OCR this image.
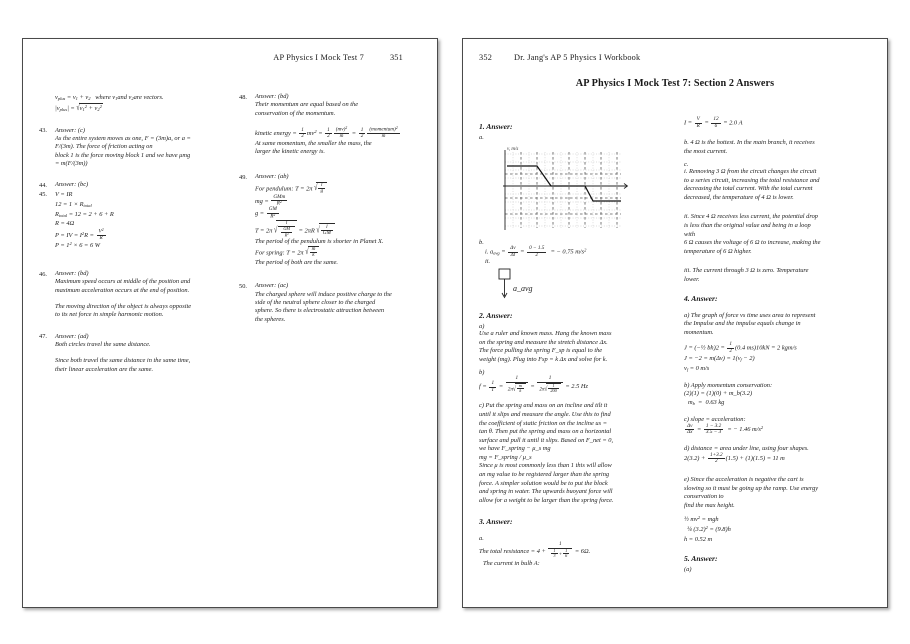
AP Physics I Mock Test 7	351

$v_{plus} = v_1 + v_2$ where $v_1and$ $v_2are$ vectors.
$|v_{plus}| = √v_1^2 + v_2^2$
43.	Answer: (c)
As the entire system moves as one, F = (3m)a, or a =
F/(3m). The force of friction acting on
block 1 is the force moving block 1 and we have μmg
= m(F/(3m))
44.	Answer: (bc)
45.	V = IR
$12 = 1 \times R_{total}$
$R_{total} = 12 = 2 + 6 + R$
R = 4Ω
P = IV = $I^2R = \frac{V^2}{R}$
$P = 1^2 \times 6 = 6$ W
46.	Answer: (bd)
Maximum speed occurs at middle of the position and
maximum acceleration occurs at the end of position.
The moving direction of the object is always opposite
to its net force in simple harmonic motion.
47.	Answer: (ad)
Both circles travel the same distance.
Since both travel the same distance in the same time,
their linear acceleration are the same.
48.	Answer: (bd)
Their momentum are equal based on the
conservation of the momentum.
kinetic energy = $\frac{1}{2} mv^2 = \frac{1}{2} \frac{(mv)^2}{m} = \frac{1}{2} \frac{(momentum)^2}{m}$
At same momentum, the smaller the mass, the
larger the kinetic energy is.
49.	Answer: (ab)
For pendulum: T = 2π √ $\frac{l}{g}$
mg = $\frac{\text{GMm}}{R^2}$
$g = \frac{GM}{R^2}$
T = 2π √ $\frac{l}{\frac{GM}{R^2}} = 2\pi R$ √ $\frac{l}{GM}$
The period of the pendulum is shorter in Planet X.
For spring: T = 2π √ $\frac{m}{k}$
The period of both are the same.
50.	Answer: (ac)
The charged sphere will induce positive charge to the
side of the neutral sphere closer to the charged
sphere. So there is electrostatic attraction between
the spheres.
352	Dr. Jang's AP 5 Physics I Workbook
AP Physics I Mock Test 7: Section 2 Answers
1. Answer:
a.
v, m/s
b.
i. $a_{avg} = \frac{\Delta v}{\Delta t} = \frac{0 - 1.5}{2}$ = − 0.75 $m/s^2$
ii.
a_avg
2. Answer:
a)
Use a ruler and known mass. Hang the known mass
on the spring and measure the stretch distance Δx.
The force pulling the spring F_sp is equal to the
weight (mg). Plug into Fsp = k Δx and solve for k.
b)
$f = \frac{1}{T} = \frac{1}{2\pi√ \frac{m}{k}} = \frac{1}{2\pi√ \frac{1}{200}} = 2.5$ Hz
c) Put the spring and mass on an incline and tilt it
until it slips and measure the angle. Use this to find
the coefficient of static friction on the incline us =
tan θ. Then put the spring and mass on a horizontal
surface and pull it until it slips. Based on F_net = 0,
we have F_spring − μ_s mg
mg = F_spring / μ_s
Since μ is most commonly less than 1 this will allow
an mg value to be registered larger than the spring
force. A simpler solution would be to put the block
and spring in water. The upwards buoyant force will
allow for a weight to be larger than the spring force.
3. Answer:
a.
The total resistance = $4 + \frac{1}{\frac{1}{3} + \frac{1}{6}} = 6\Omega$.
The current in bulb A:
$I = \frac{V}{R} = \frac{12}{6} = 2.0$ A
b. 4 Ω is the hottest. In the main branch, it receives
the most current.
c.
i. Removing 3 Ω from the circuit changes the circuit
to a series circuit, increasing the total resistance and
decreasing the total current. With the total current
decreased, the temperature of 4 Ω is lower.
ii. Since 4 Ω receives less current, the potential drop
is less than the original value and being in a loop
with
6 Ω causes the voltage of 6 Ω to increase, making the
temperature of 6 Ω higher.
iii. The current through 3 Ω is zero. Temperature
lower.
4. Answer:
a) The graph of force vs time uses area to represent
the Impulse and the impulse equals change in
momentum.
J = (−½ $bh)2 = \frac{1}{2} (0.4$ ms)10kN = 2 kgm/s
$J = -2 = m(\Delta v) = 1(v_f - 2)$
$v_f = 0$ m/s
b) Apply momentum conservation:
(2)(1) = (1)(0) + m_b(3.2)
$m_b = 0.63$ kg
c) slope = acceleration:
$\frac{\Delta v}{\Delta x} = \frac{1 - 3.2}{3.5 - 3}$ = − 1.46 $m/s^2$
d) distance = area under line, using four shapes.
$2(3.2) + \frac{1+3.2}{2} (1.5) + (1)(1.5) = 11$ m
e) Since the acceleration is negative the cart is
slowing so it must be going up the ramp. Use energy
conservation to
find the max height.
½ $mv^2$ = mgh
¼ $(3.2)^2 = (9.8)h$
h = 0.52 m
5. Answer:
(a)
